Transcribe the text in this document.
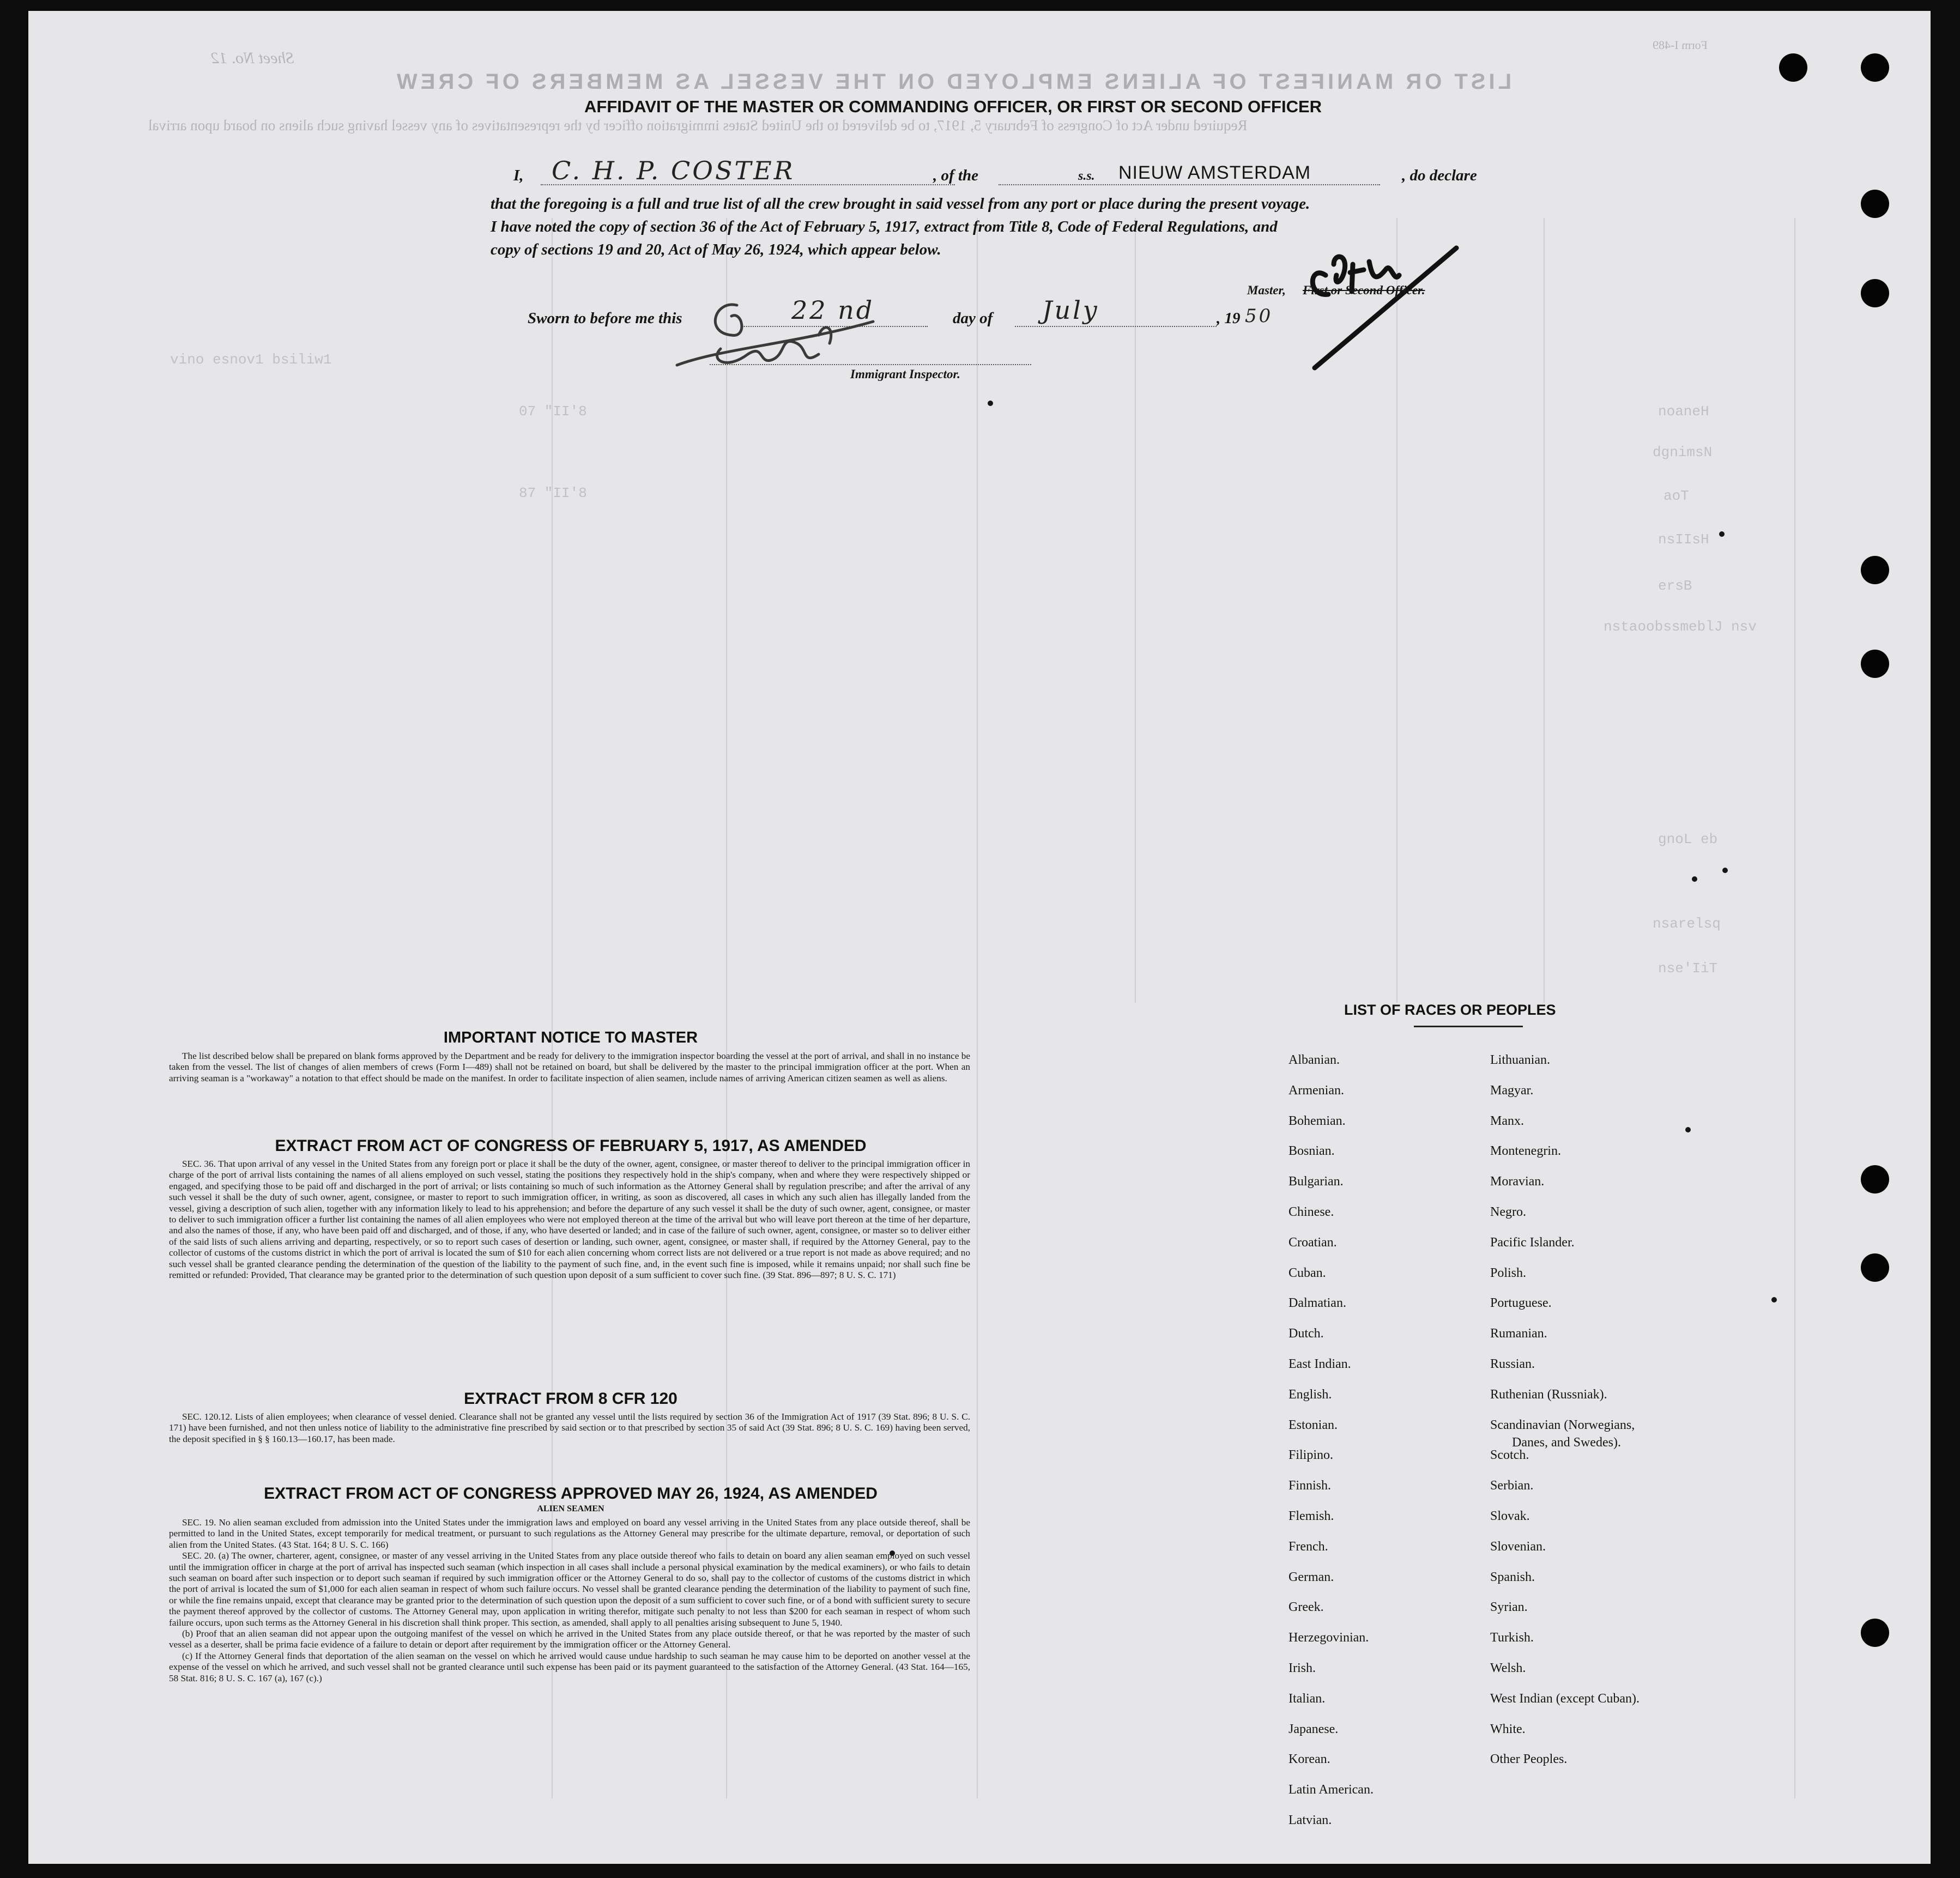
LIST OR MANIFEST OF ALIENS EMPLOYED ON THE VESSEL AS MEMBERS OF CREW
Required under Act of Congress of February 5, 1917, to be delivered to the United States immigration officer by the representatives of any vessel having such aliens on board upon arrival
Sheet No. 12
Form I-489
AFFIDAVIT OF THE MASTER OR COMMANDING OFFICER, OR FIRST OR SECOND OFFICER
I, C. H. P. COSTER	, of the	s.s. NIEUW AMSTERDAM	, do declare
that the foregoing is a full and true list of all the crew brought in said vessel from any port or place during the present voyage.
I have noted the copy of section 36 of the Act of February 5, 1917, extract from Title 8, Code of Federal Regulations, and
copy of sections 19 and 20, Act of May 26, 1924, which appear below.
Master, First or Second Officer.
Sworn to before me this	22 nd	day of July	, 19 50
Immigrant Inspector.
noaneH
dgnimsN
aoT
nsIIsH
ersB
nstaoobssmeblJ nsv
gnoL eb
nsarelsq
nse'IiT
07 "II'8
87 "II'8
vino esnov1 bsiliw1
IMPORTANT NOTICE TO MASTER

The list described below shall be prepared on blank forms approved by the Department and be ready for delivery to the immigration inspector boarding the vessel at the port of arrival, and shall in no instance be taken from the vessel. The list of changes of alien members of crews (Form I—489) shall not be retained on board, but shall be delivered by the master to the principal immigration officer at the port. When an arriving seaman is a "workaway" a notation to that effect should be made on the manifest. In order to facilitate inspection of alien seamen, include names of arriving American citizen seamen as well as aliens.

EXTRACT FROM ACT OF CONGRESS OF FEBRUARY 5, 1917, AS AMENDED

SEC. 36. That upon arrival of any vessel in the United States from any foreign port or place it shall be the duty of the owner, agent, consignee, or master thereof to deliver to the principal immigration officer in charge of the port of arrival lists containing the names of all aliens employed on such vessel, stating the positions they respectively hold in the ship's company, when and where they were respectively shipped or engaged, and specifying those to be paid off and discharged in the port of arrival; or lists containing so much of such information as the Attorney General shall by regulation prescribe; and after the arrival of any such vessel it shall be the duty of such owner, agent, consignee, or master to report to such immigration officer, in writing, as soon as discovered, all cases in which any such alien has illegally landed from the vessel, giving a description of such alien, together with any information likely to lead to his apprehension; and before the departure of any such vessel it shall be the duty of such owner, agent, consignee, or master to deliver to such immigration officer a further list containing the names of all alien employees who were not employed thereon at the time of the arrival but who will leave port thereon at the time of her departure, and also the names of those, if any, who have been paid off and discharged, and of those, if any, who have deserted or landed; and in case of the failure of such owner, agent, consignee, or master so to deliver either of the said lists of such aliens arriving and departing, respectively, or so to report such cases of desertion or landing, such owner, agent, consignee, or master shall, if required by the Attorney General, pay to the collector of customs of the customs district in which the port of arrival is located the sum of $10 for each alien concerning whom correct lists are not delivered or a true report is not made as above required; and no such vessel shall be granted clearance pending the determination of the question of the liability to the payment of such fine, and, in the event such fine is imposed, while it remains unpaid; nor shall such fine be remitted or refunded: Provided, That clearance may be granted prior to the determination of such question upon deposit of a sum sufficient to cover such fine. (39 Stat. 896—897; 8 U. S. C. 171)

EXTRACT FROM 8 CFR 120

SEC. 120.12. Lists of alien employees; when clearance of vessel denied. Clearance shall not be granted any vessel until the lists required by section 36 of the Immigration Act of 1917 (39 Stat. 896; 8 U. S. C. 171) have been furnished, and not then unless notice of liability to the administrative fine prescribed by said section or to that prescribed by section 35 of said Act (39 Stat. 896; 8 U. S. C. 169) having been served, the deposit specified in § § 160.13—160.17, has been made.

EXTRACT FROM ACT OF CONGRESS APPROVED MAY 26, 1924, AS AMENDED
ALIEN SEAMEN

SEC. 19. No alien seaman excluded from admission into the United States under the immigration laws and employed on board any vessel arriving in the United States from any place outside thereof, shall be permitted to land in the United States, except temporarily for medical treatment, or pursuant to such regulations as the Attorney General may prescribe for the ultimate departure, removal, or deportation of such alien from the United States. (43 Stat. 164; 8 U. S. C. 166)

SEC. 20. (a) The owner, charterer, agent, consignee, or master of any vessel arriving in the United States from any place outside thereof who fails to detain on board any alien seaman employed on such vessel until the immigration officer in charge at the port of arrival has inspected such seaman (which inspection in all cases shall include a personal physical examination by the medical examiners), or who fails to detain such seaman on board after such inspection or to deport such seaman if required by such immigration officer or the Attorney General to do so, shall pay to the collector of customs of the customs district in which the port of arrival is located the sum of $1,000 for each alien seaman in respect of whom such failure occurs. No vessel shall be granted clearance pending the determination of the liability to payment of such fine, or while the fine remains unpaid, except that clearance may be granted prior to the determination of such question upon the deposit of a sum sufficient to cover such fine, or of a bond with sufficient surety to secure the payment thereof approved by the collector of customs. The Attorney General may, upon application in writing therefor, mitigate such penalty to not less than $200 for each seaman in respect of whom such failure occurs, upon such terms as the Attorney General in his discretion shall think proper. This section, as amended, shall apply to all penalties arising subsequent to June 5, 1940.

(b) Proof that an alien seaman did not appear upon the outgoing manifest of the vessel on which he arrived in the United States from any place outside thereof, or that he was reported by the master of such vessel as a deserter, shall be prima facie evidence of a failure to detain or deport after requirement by the immigration officer or the Attorney General.

(c) If the Attorney General finds that deportation of the alien seaman on the vessel on which he arrived would cause undue hardship to such seaman he may cause him to be deported on another vessel at the expense of the vessel on which he arrived, and such vessel shall not be granted clearance until such expense has been paid or its payment guaranteed to the satisfaction of the Attorney General. (43 Stat. 164—165, 58 Stat. 816; 8 U. S. C. 167 (a), 167 (c).)

LIST OF RACES OR PEOPLES
Albanian.
Armenian.
Bohemian.
Bosnian.
Bulgarian.
Chinese.
Croatian.
Cuban.
Dalmatian.
Dutch.
East Indian.
English.
Estonian.
Filipino.
Finnish.
Flemish.
French.
German.
Greek.
Herzegovinian.
Irish.
Italian.
Japanese.
Korean.
Latin American.
Latvian.
Lithuanian.
Magyar.
Manx.
Montenegrin.
Moravian.
Negro.
Pacific Islander.
Polish.
Portuguese.
Rumanian.
Russian.
Ruthenian (Russniak).
Scandinavian (Norwegians,
Danes, and Swedes).
Scotch.
Serbian.
Slovak.
Slovenian.
Spanish.
Syrian.
Turkish.
Welsh.
West Indian (except Cuban).
White.
Other Peoples.
